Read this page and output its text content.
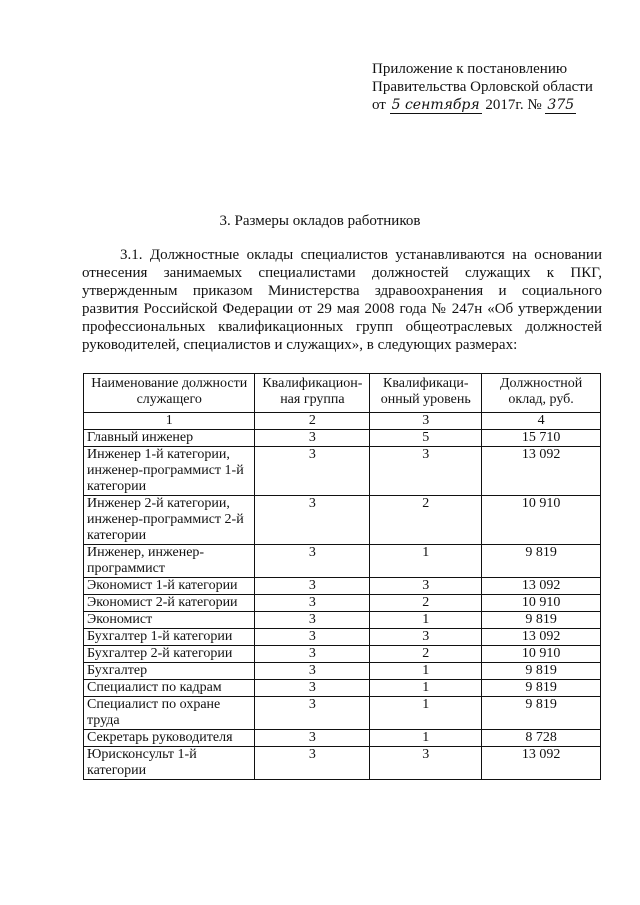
Приложение к постановлению
Правительства Орловской области
от 5 сентября 2017г. № 375
3. Размеры окладов работников
3.1. Должностные оклады специалистов устанавливаются на основании отнесения занимаемых специалистами должностей служащих к ПКГ, утвержденным приказом Министерства здравоохранения и социального развития Российской Федерации от 29 мая 2008 года № 247н «Об утверждении профессиональных квалификационных групп общеотраслевых должностей руководителей, специалистов и служащих», в следующих размерах:
Наименование должности служащего	Квалификацион-ная группа	Квалификаци-онный уровень	Должностной оклад, руб.
1	2	3	4
Главный инженер	3	5	15 710
Инженер 1-й категории, инженер-программист 1-й категории	3	3	13 092
Инженер 2-й категории, инженер-программист 2-й категории	3	2	10 910
Инженер, инженер-программист	3	1	9 819
Экономист 1-й категории	3	3	13 092
Экономист 2-й категории	3	2	10 910
Экономист	3	1	9 819
Бухгалтер 1-й категории	3	3	13 092
Бухгалтер 2-й категории	3	2	10 910
Бухгалтер	3	1	9 819
Специалист по кадрам	3	1	9 819
Специалист по охране труда	3	1	9 819
Секретарь руководителя	3	1	8 728
Юрисконсульт 1-й категории	3	3	13 092
